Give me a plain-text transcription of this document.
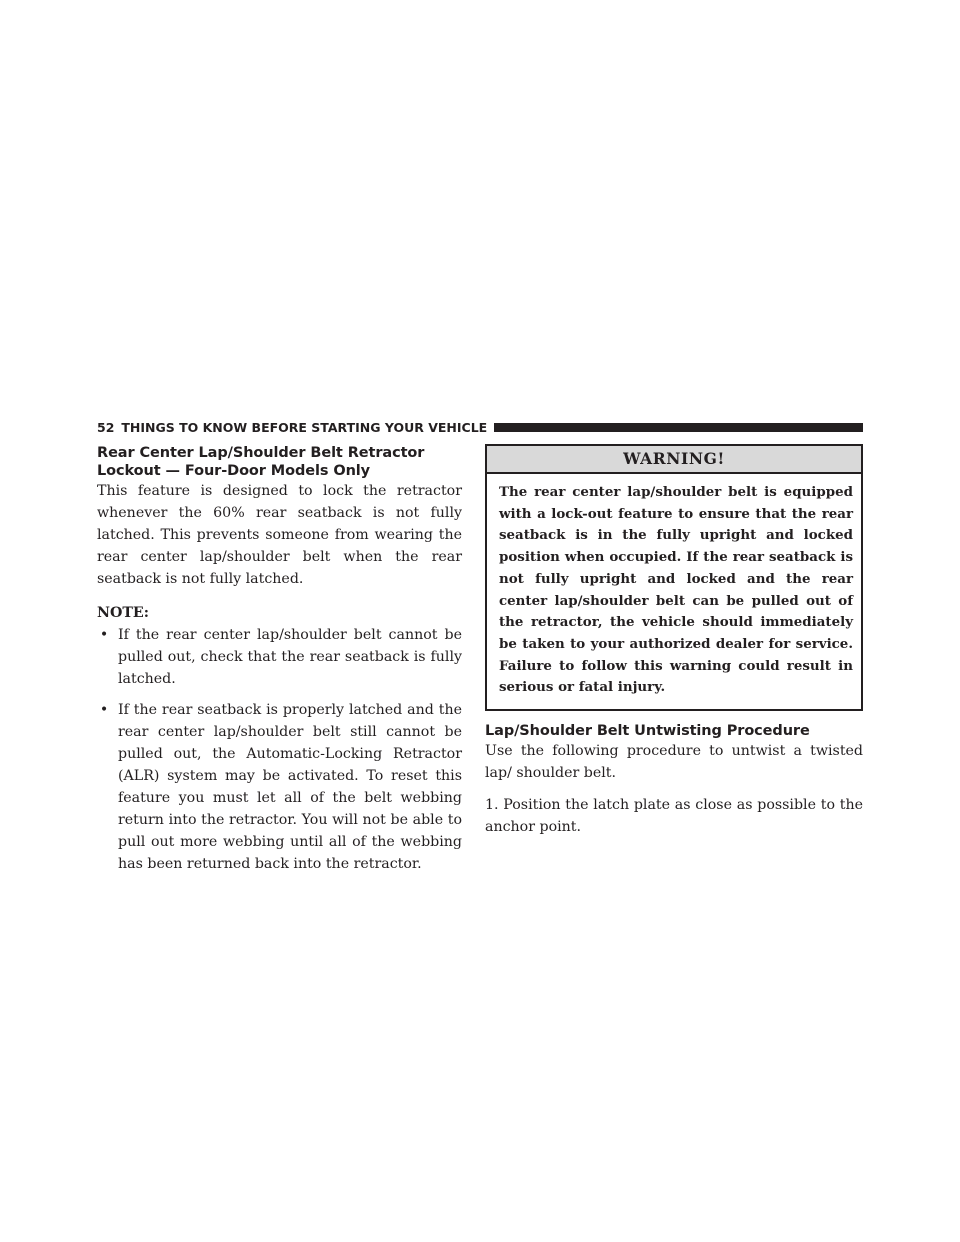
52 THINGS TO KNOW BEFORE STARTING YOUR VEHICLE
Rear Center Lap/Shoulder Belt Retractor
Lockout — Four-Door Models Only

This feature is designed to lock the retractor whenever the 60% rear seatback is not fully latched. This prevents someone from wearing the rear center lap/shoulder belt when the rear seatback is not fully latched.

NOTE:
• If the rear center lap/shoulder belt cannot be pulled out, check that the rear seatback is fully latched.
• If the rear seatback is properly latched and the rear center lap/shoulder belt still cannot be pulled out, the Automatic-Locking Retractor (ALR) system may be activated. To reset this feature you must let all of the belt webbing return into the retractor. You will not be able to pull out more webbing until all of the webbing has been returned back into the retractor.
WARNING!
The rear center lap/shoulder belt is equipped with a lock-out feature to ensure that the rear seatback is in the fully upright and locked position when occupied. If the rear seatback is not fully upright and locked and the rear center lap/shoulder belt can be pulled out of the retractor, the vehicle should immediately be taken to your authorized dealer for service. Failure to follow this warning could result in serious or fatal injury.
Lap/Shoulder Belt Untwisting Procedure

Use the following procedure to untwist a twisted lap/ shoulder belt.

1. Position the latch plate as close as possible to the anchor point.
